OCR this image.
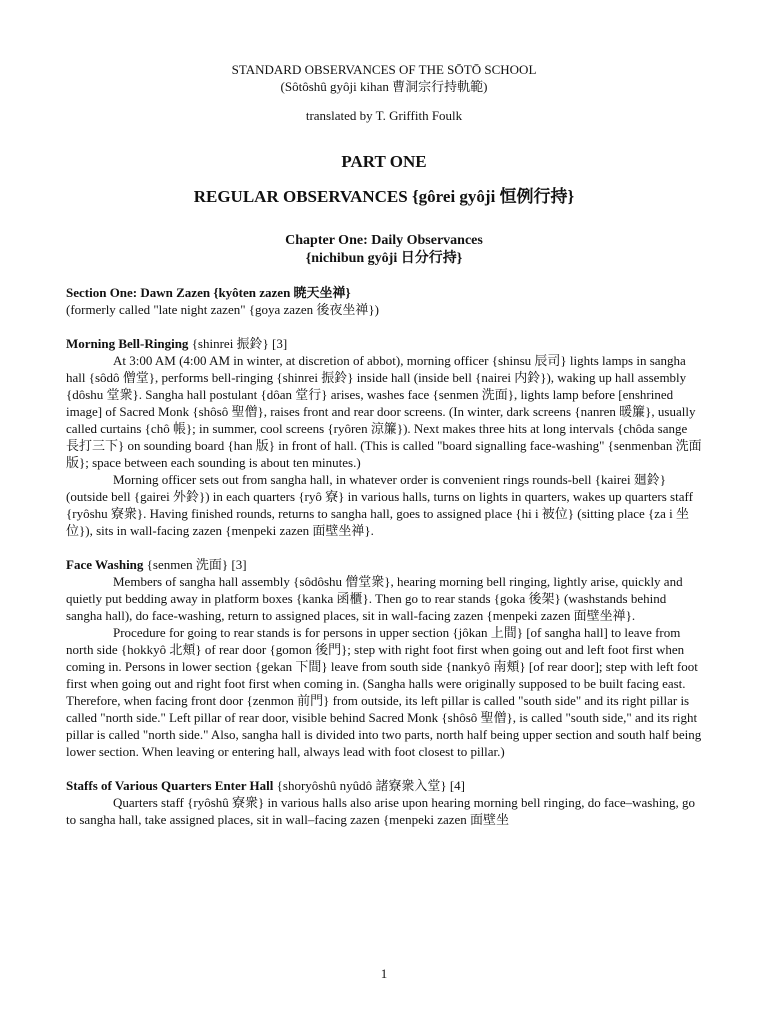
STANDARD OBSERVANCES OF THE SŌTŌ SCHOOL
(Sôtôshû gyôji kihan 曹洞宗行持軌範)
translated by T. Griffith Foulk
PART ONE
REGULAR OBSERVANCES {gôrei gyôji 恒例行持}
Chapter One: Daily Observances
{nichibun gyôji 日分行持}
Section One: Dawn Zazen {kyôten zazen 暁天坐禅}
(formerly called "late night zazen" {goya zazen 後夜坐禅})
Morning Bell-Ringing {shinrei 振鈴} [3]

At 3:00 AM (4:00 AM in winter, at discretion of abbot), morning officer {shinsu 辰司} lights lamps in sangha hall {sôdô 僧堂}, performs bell-ringing {shinrei 振鈴} inside hall (inside bell {nairei 内鈴}), waking up hall assembly {dôshu 堂衆}. Sangha hall postulant {dôan 堂行} arises, washes face {senmen 洗面}, lights lamp before [enshrined image] of Sacred Monk {shôsô 聖僧}, raises front and rear door screens. (In winter, dark screens {nanren 暖簾}, usually called curtains {chô 帳}; in summer, cool screens {ryôren 涼簾}). Next makes three hits at long intervals {chôda sange 長打三下} on sounding board {han 版} in front of hall. (This is called "board signalling face-washing" {senmenban 洗面版}; space between each sounding is about ten minutes.)

Morning officer sets out from sangha hall, in whatever order is convenient rings rounds-bell {kairei 廻鈴} (outside bell {gairei 外鈴}) in each quarters {ryô 寮} in various halls, turns on lights in quarters, wakes up quarters staff {ryôshu 寮衆}. Having finished rounds, returns to sangha hall, goes to assigned place {hi i 被位} (sitting place {za i 坐位}), sits in wall-facing zazen {menpeki zazen 面壁坐禅}.

Face Washing {senmen 洗面} [3]

Members of sangha hall assembly {sôdôshu 僧堂衆}, hearing morning bell ringing, lightly arise, quickly and quietly put bedding away in platform boxes {kanka 函櫃}. Then go to rear stands {goka 後架} (washstands behind sangha hall), do face-washing, return to assigned places, sit in wall-facing zazen {menpeki zazen 面壁坐禅}.

Procedure for going to rear stands is for persons in upper section {jôkan 上間} [of sangha hall] to leave from north side {hokkyô 北頬} of rear door {gomon 後門}; step with right foot first when going out and left foot first when coming in. Persons in lower section {gekan 下間} leave from south side {nankyô 南頬} [of rear door]; step with left foot first when going out and right foot first when coming in. (Sangha halls were originally supposed to be built facing east. Therefore, when facing front door {zenmon 前門} from outside, its left pillar is called "south side" and its right pillar is called "north side." Left pillar of rear door, visible behind Sacred Monk {shôsô 聖僧}, is called "south side," and its right pillar is called "north side." Also, sangha hall is divided into two parts, north half being upper section and south half being lower section. When leaving or entering hall, always lead with foot closest to pillar.)

Staffs of Various Quarters Enter Hall {shoryôshû nyûdô 諸寮衆入堂} [4]

Quarters staff {ryôshû 寮衆} in various halls also arise upon hearing morning bell ringing, do face–washing, go to sangha hall, take assigned places, sit in wall–facing zazen {menpeki zazen 面壁坐

1
